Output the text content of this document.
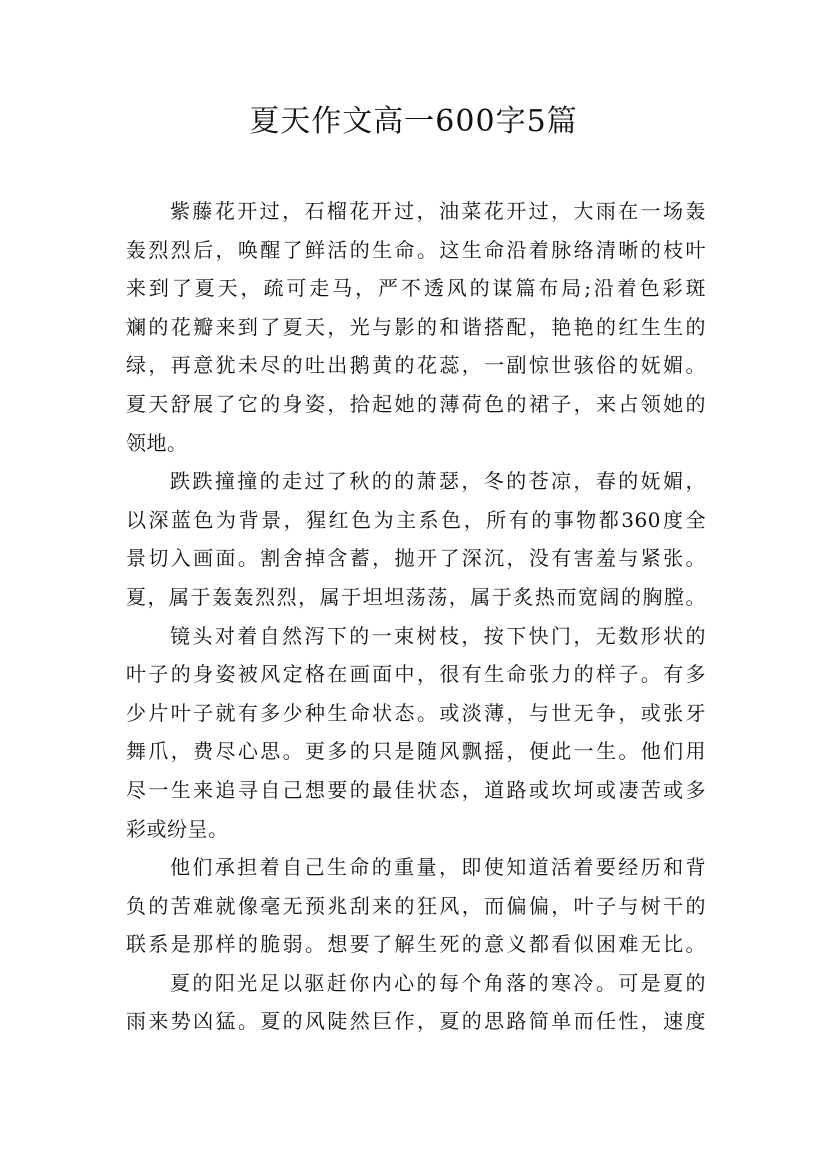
夏天作文高一600字5篇
紫藤花开过，石榴花开过，油菜花开过，大雨在一场轰
轰烈烈后，唤醒了鲜活的生命。这生命沿着脉络清晰的枝叶
来到了夏天，疏可走马，严不透风的谋篇布局;沿着色彩斑
斓的花瓣来到了夏天，光与影的和谐搭配，艳艳的红生生的
绿，再意犹未尽的吐出鹅黄的花蕊，一副惊世骇俗的妩媚。
夏天舒展了它的身姿，拾起她的薄荷色的裙子，来占领她的
领地。
跌跌撞撞的走过了秋的的萧瑟，冬的苍凉，春的妩媚，
以深蓝色为背景，猩红色为主系色，所有的事物都360度全
景切入画面。割舍掉含蓄，抛开了深沉，没有害羞与紧张。
夏，属于轰轰烈烈，属于坦坦荡荡，属于炙热而宽阔的胸膛。
镜头对着自然泻下的一束树枝，按下快门，无数形状的
叶子的身姿被风定格在画面中，很有生命张力的样子。有多
少片叶子就有多少种生命状态。或淡薄，与世无争，或张牙
舞爪，费尽心思。更多的只是随风飘摇，便此一生。他们用
尽一生来追寻自己想要的最佳状态，道路或坎坷或凄苦或多
彩或纷呈。
他们承担着自己生命的重量，即使知道活着要经历和背
负的苦难就像毫无预兆刮来的狂风，而偏偏，叶子与树干的
联系是那样的脆弱。想要了解生死的意义都看似困难无比。
夏的阳光足以驱赶你内心的每个角落的寒冷。可是夏的
雨来势凶猛。夏的风陡然巨作，夏的思路简单而任性，速度
